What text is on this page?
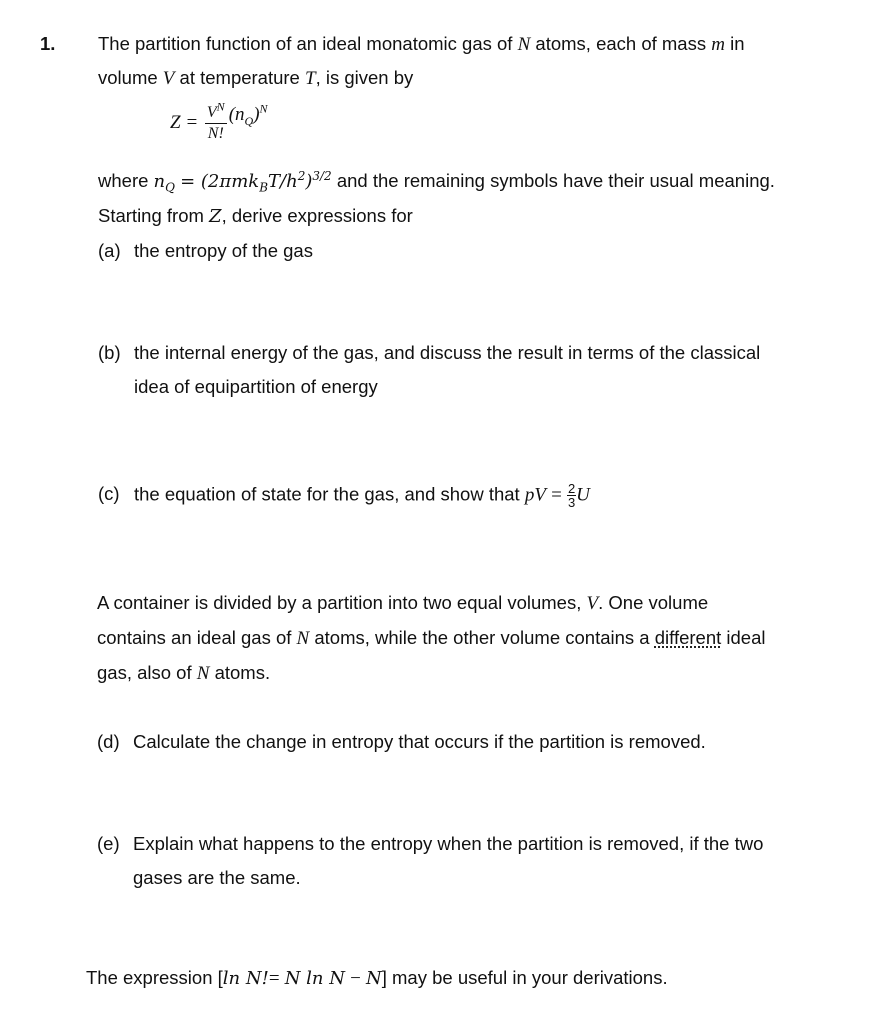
1. The partition function of an ideal monatomic gas of N atoms, each of mass m in
volume V at temperature T, is given by
$Z = \frac{V^N}{N!} (n_Q)^N$
where $n_Q = (2\pi mk_BT/h^2)^{3/2}$ and the remaining symbols have their usual meaning.
Starting from Z, derive expressions for
(a) the entropy of the gas
(b) the internal energy of the gas, and discuss the result in terms of the classical
idea of equipartition of energy
(c) the equation of state for the gas, and show that pV = $\frac{2}{3}$ U
A container is divided by a partition into two equal volumes, V. One volume
contains an ideal gas of N atoms, while the other volume contains a different ideal
gas, also of N atoms.
(d) Calculate the change in entropy that occurs if the partition is removed.
(e) Explain what happens to the entropy when the partition is removed, if the two
gases are the same.
The expression [ln N!= N ln N − N] may be useful in your derivations.
